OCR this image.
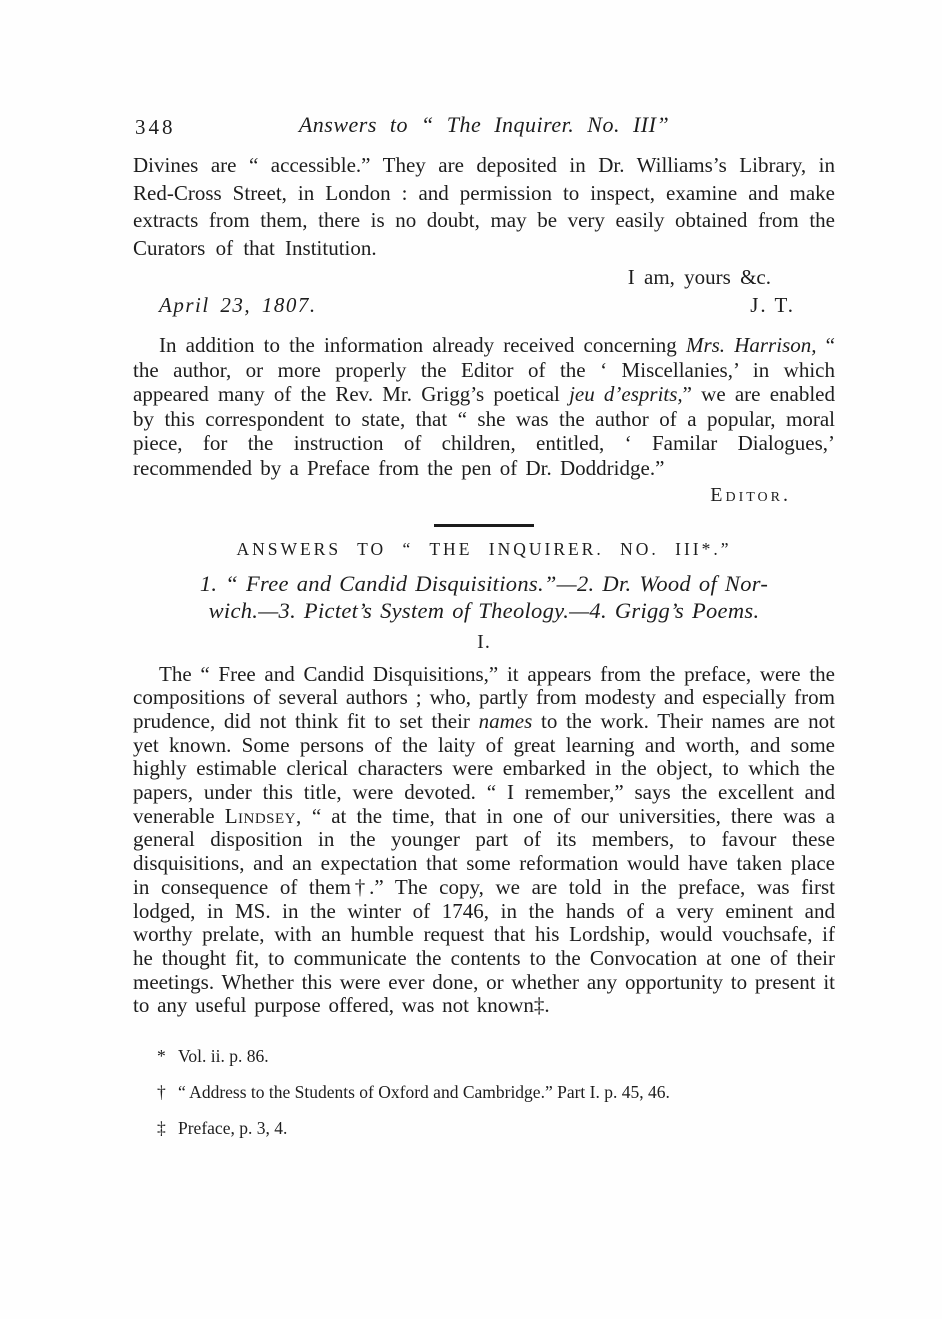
348	Answers to “ The Inquirer. No. III”

Divines are “ accessible.” They are deposited in Dr. Williams’s Library, in Red-Cross Street, in London : and permission to inspect, examine and make extracts from them, there is no doubt, may be very easily obtained from the Curators of that Institution.

I am, yours &c.
April 23, 1807.	J. T.

In addition to the information already received concerning Mrs. Harrison, “ the author, or more properly the Editor of the ‘ Miscellanies,’ in which appeared many of the Rev. Mr. Grigg’s poetical jeu d’esprits,” we are enabled by this correspondent to state, that “ she was the author of a popular, moral piece, for the instruction of children, entitled, ‘ Familar Dialogues,’ recommended by a Preface from the pen of Dr. Doddridge.”

Editor.
ANSWERS TO “ THE INQUIRER. NO. III*.”
1. “ Free and Candid Disquisitions.”—2. Dr. Wood of Nor-
wich.—3. Pictet’s System of Theology.—4. Grigg’s Poems.
I.

The “ Free and Candid Disquisitions,” it appears from the preface, were the compositions of several authors ; who, partly from modesty and especially from prudence, did not think fit to set their names to the work. Their names are not yet known. Some persons of the laity of great learning and worth, and some highly estimable clerical characters were embarked in the object, to which the papers, under this title, were devoted. “ I remember,” says the excellent and venerable Lindsey, “ at the time, that in one of our universities, there was a general disposition in the younger part of its members, to favour these disquisitions, and an expectation that some reformation would have taken place in consequence of them†.” The copy, we are told in the preface, was first lodged, in MS. in the winter of 1746, in the hands of a very eminent and worthy prelate, with an humble request that his Lordship, would vouchsafe, if he thought fit, to communicate the contents to the Convocation at one of their meetings. Whether this were ever done, or whether any opportunity to present it to any useful purpose offered, was not known‡.

* Vol. ii. p. 86.
† “ Address to the Students of Oxford and Cambridge.” Part I. p. 45, 46.
‡ Preface, p. 3, 4.
